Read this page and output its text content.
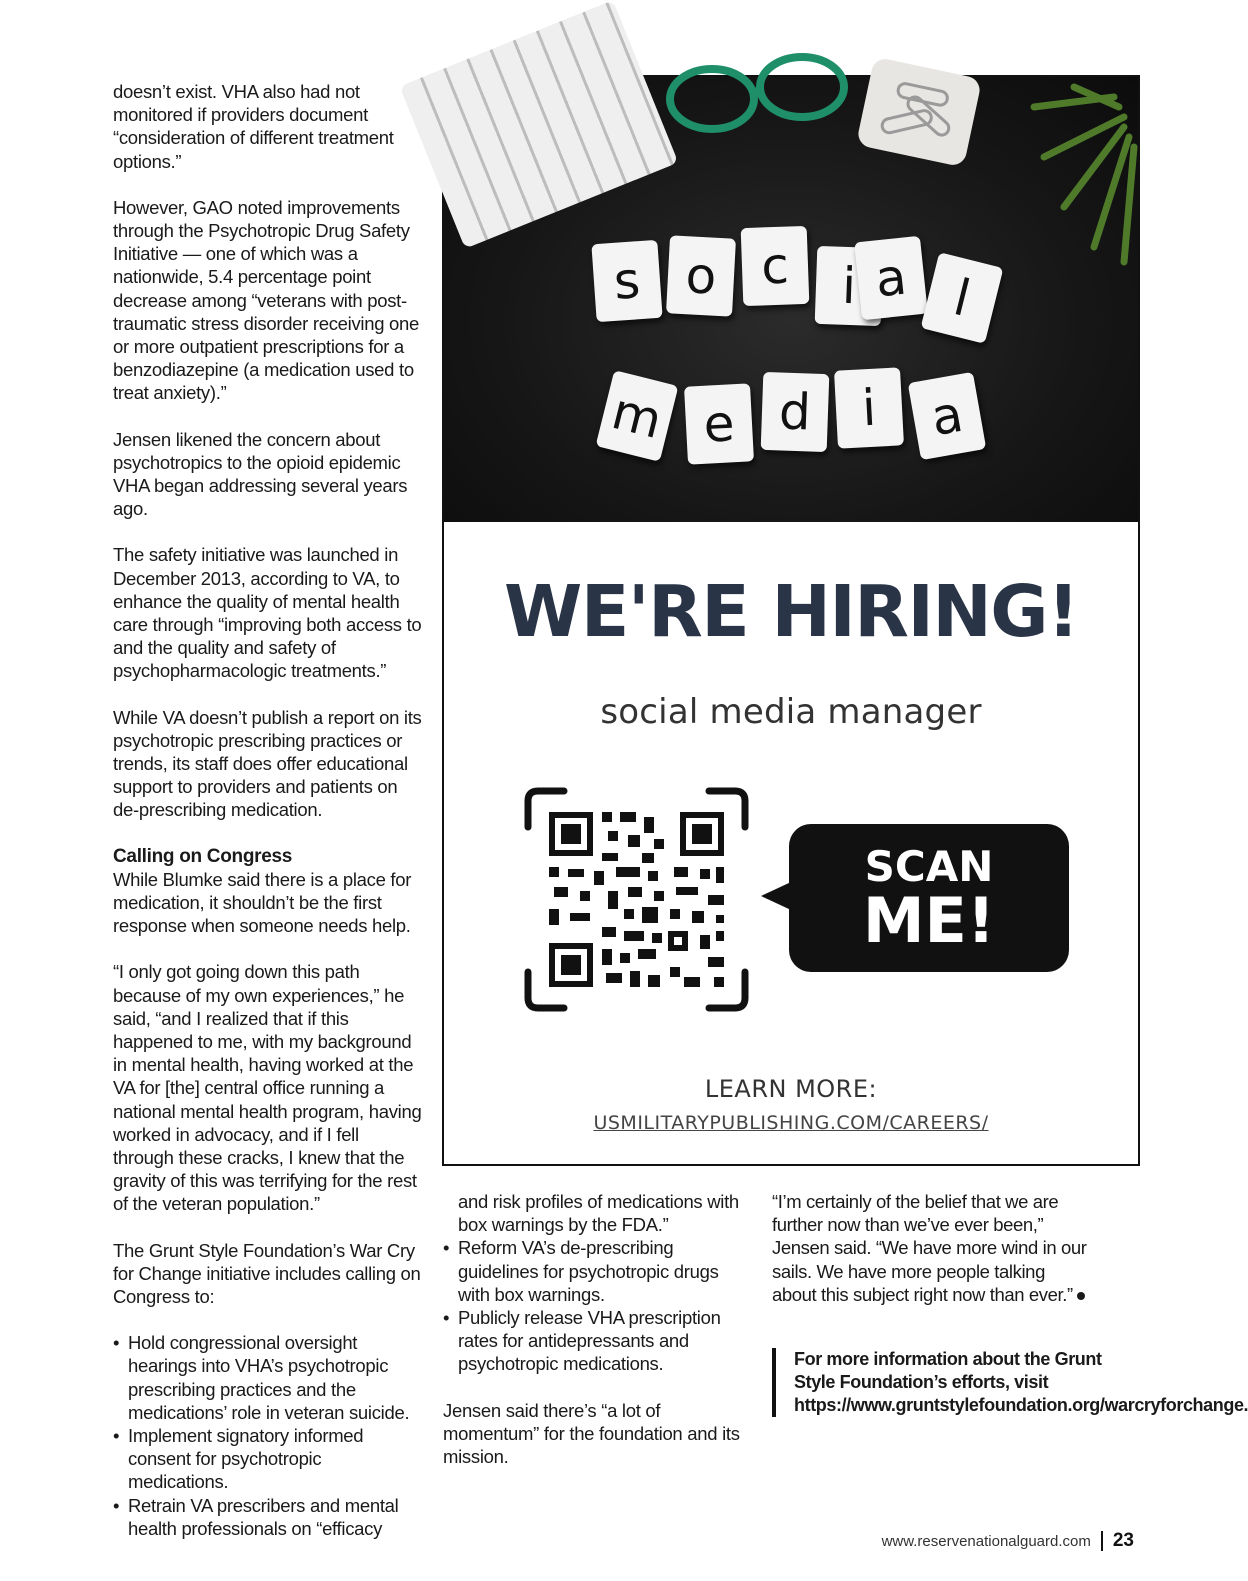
doesn’t exist. VHA also had not monitored if providers document “consideration of different treatment options.”

However, GAO noted improvements through the Psychotropic Drug Safety Initiative — one of which was a nationwide, 5.4 percentage point decrease among “veterans with post-traumatic stress disorder receiving one or more outpatient prescriptions for a benzodiazepine (a medication used to treat anxiety).”

Jensen likened the concern about psychotropics to the opioid epidemic VHA began addressing several years ago.

The safety initiative was launched in December 2013, according to VA, to enhance the quality of mental health care through “improving both access to and the quality and safety of psychopharmacologic treatments.”

While VA doesn’t publish a report on its psychotropic prescribing practices or trends, its staff does offer educational support to providers and patients on de-prescribing medication.

Calling on Congress

While Blumke said there is a place for medication, it shouldn’t be the first response when someone needs help.

“I only got going down this path because of my own experiences,” he said, “and I realized that if this happened to me, with my background in mental health, having worked at the VA for [the] central office running a national mental health program, having worked in advocacy, and if I fell through these cracks, I knew that the gravity of this was terrifying for the rest of the veteran population.”

The Grunt Style Foundation’s War Cry for Change initiative includes calling on Congress to:

• Hold congressional oversight hearings into VHA’s psychotropic prescribing practices and the medications’ role in veteran suicide.
• Implement signatory informed consent for psychotropic medications.
• Retrain VA prescribers and mental health professionals on “efficacy
s o c	i a l
m e d i a
WE'RE HIRING!
social media manager
SCAN
ME!
LEARN MORE:
USMILITARYPUBLISHING.COM/CAREERS/
and risk profiles of medications with box warnings by the FDA.”
• Reform VA’s de-prescribing guidelines for psychotropic drugs with box warnings.
• Publicly release VHA prescription rates for antidepressants and psychotropic medications.

Jensen said there’s “a lot of momentum” for the foundation and its mission.

“I’m certainly of the belief that we are further now than we’ve ever been,” Jensen said. “We have more wind in our sails. We have more people talking about this subject right now than ever.”

For more information about the Grunt Style Foundation’s efforts, visit https://www.gruntstylefoundation.org/warcryforchange.
www.reservenationalguard.com 23
